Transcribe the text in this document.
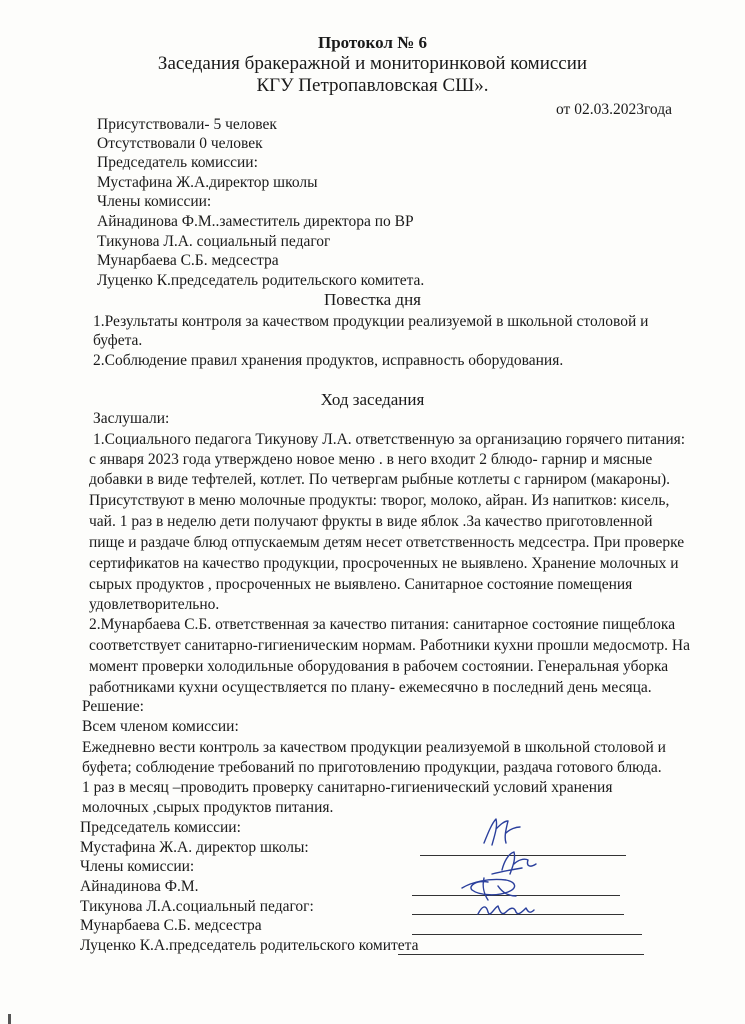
Протокол № 6
Заседания бракеражной и мониторинковой комиссии
КГУ Петропавловская СШ».
от 02.03.2023года
Присутствовали- 5 человек
Отсутствовали 0 человек
Председатель комиссии:
Мустафина Ж.А.директор школы
Члены комиссии:
Айнадинова Ф.М..заместитель директора по ВР
Тикунова Л.А. социальный педагог
Мунарбаева С.Б. медсестра
Луценко К.председатель родительского комитета.
Повестка дня
1.Результаты контроля за качеством продукции реализуемой в школьной столовой и
буфета.
2.Соблюдение правил хранения продуктов, исправность оборудования.
Ход заседания
Заслушали:
1.Социального педагога Тикунову Л.А. ответственную за организацию горячего питания:
с января 2023 года утверждено новое меню . в него входит 2 блюдо- гарнир и мясные
добавки в виде тефтелей, котлет. По четвергам рыбные котлеты с гарниром (макароны).
Присутствуют в меню молочные продукты: творог, молоко, айран. Из напитков: кисель,
чай. 1 раз в неделю дети получают фрукты в виде яблок .За качество приготовленной
пище и раздаче блюд отпускаемым детям несет ответственность медсестра. При проверке
сертификатов на качество продукции, просроченных не выявлено. Хранение молочных и
сырых продуктов , просроченных не выявлено. Санитарное состояние помещения
удовлетворительно.
2.Мунарбаева С.Б. ответственная за качество питания: санитарное состояние пищеблока
соответствует санитарно-гигиеническим нормам. Работники кухни прошли медосмотр. На
момент проверки холодильные оборудования в рабочем состоянии. Генеральная уборка
работниками кухни осуществляется по плану- ежемесячно в последний день месяца.
Решение:
Всем членом комиссии:
Ежедневно вести контроль за качеством продукции реализуемой в школьной столовой и
буфета; соблюдение требований по приготовлению продукции, раздача готового блюда.
1 раз в месяц –проводить проверку санитарно-гигиенический условий хранения
молочных ,сырых продуктов питания.
Председатель комиссии:
Мустафина Ж.А. директор школы:
Члены комиссии:
Айнадинова Ф.М.
Тикунова Л.А.социальный педагог:
Мунарбаева С.Б. медсестра
Луценко К.А.председатель родительского комитета
